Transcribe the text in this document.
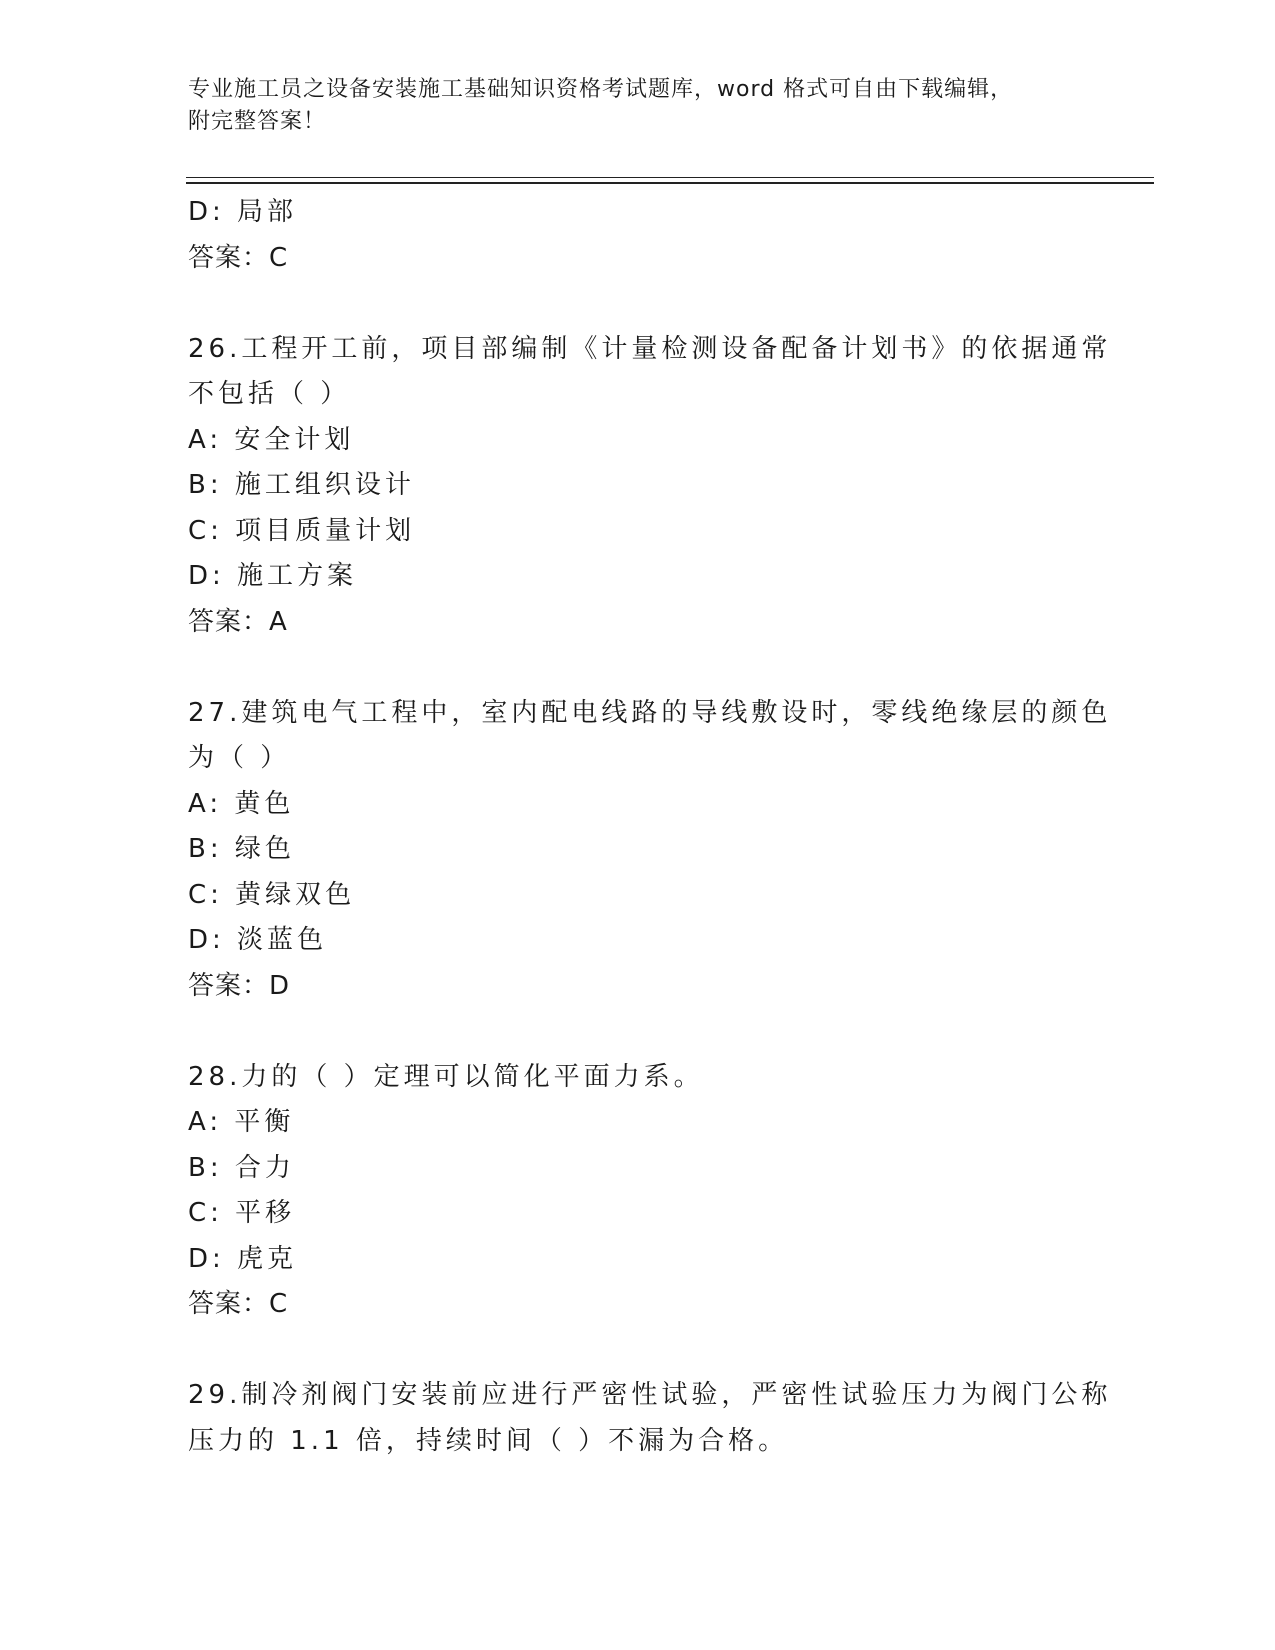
专业施工员之设备安装施工基础知识资格考试题库，word 格式可自由下载编辑，
附完整答案！
D: 局部
答案：C
26.工程开工前，项目部编制《计量检测设备配备计划书》的依据通常
不包括（ ）
A: 安全计划
B: 施工组织设计
C: 项目质量计划
D: 施工方案
答案：A
27.建筑电气工程中，室内配电线路的导线敷设时，零线绝缘层的颜色
为（ ）
A: 黄色
B: 绿色
C: 黄绿双色
D: 淡蓝色
答案：D
28.力的（ ）定理可以简化平面力系。
A: 平衡
B: 合力
C: 平移
D: 虎克
答案：C
29.制冷剂阀门安装前应进行严密性试验，严密性试验压力为阀门公称
压力的 1.1 倍，持续时间（ ）不漏为合格。
